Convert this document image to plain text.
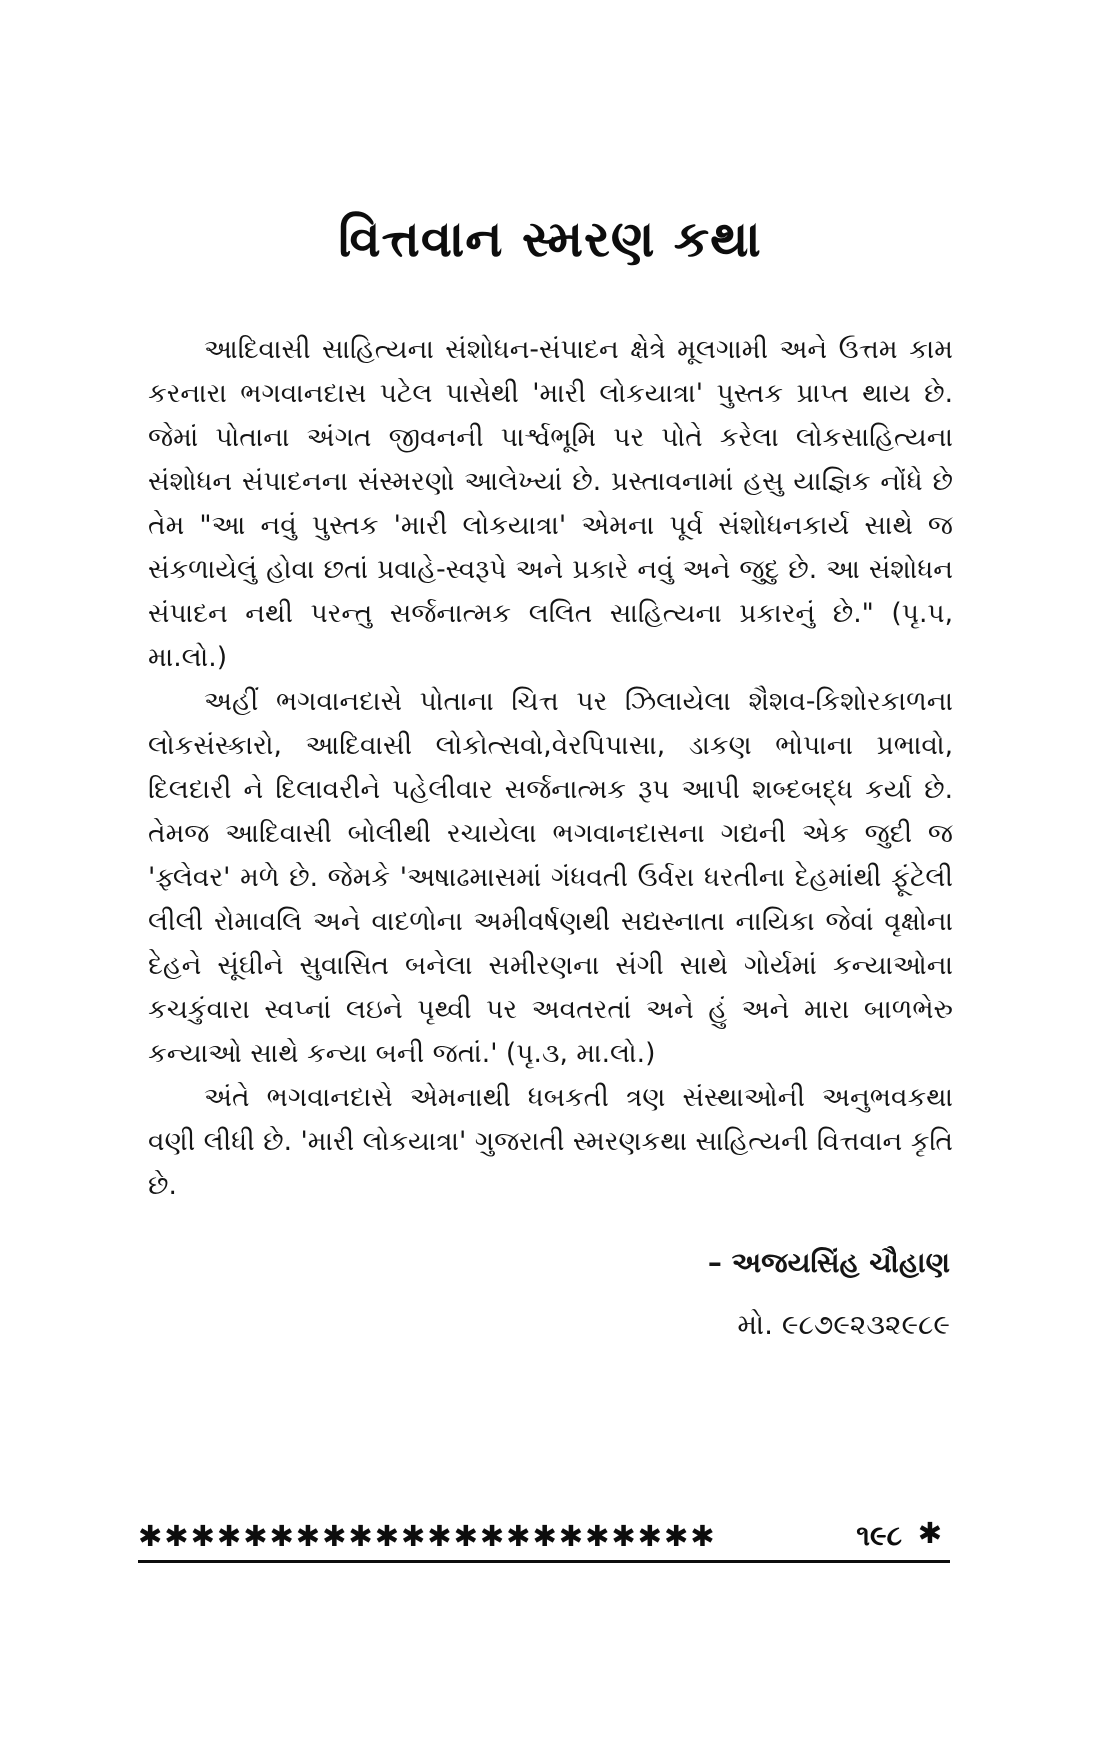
વિત્તવાન સ્મરણ કથા

આદિવાસી સાહિત્યના સંશોધન-સંપાદન ક્ષેત્રે મૂલગામી અને ઉત્તમ કામ કરનારા ભગવાનદાસ પટેલ પાસેથી 'મારી લોકયાત્રા' પુસ્તક પ્રાપ્ત થાય છે. જેમાં પોતાના અંગત જીવનની પાર્શ્વભૂમિ પર પોતે કરેલા લોકસાહિત્યના સંશોધન સંપાદનના સંસ્મરણો આલેખ્યાં છે. પ્રસ્તાવનામાં હસુ યાજ્ઞિક નોંધે છે તેમ "આ નવું પુસ્તક 'મારી લોકયાત્રા' એમના પૂર્વ સંશોધનકાર્ય સાથે જ સંકળાયેલું હોવા છતાં પ્રવાહે-સ્વરૂપે અને પ્રકારે નવું અને જુદુ છે. આ સંશોધન સંપાદન નથી પરન્તુ સર્જનાત્મક લલિત સાહિત્યના પ્રકારનું છે." (પૃ.પ, મા.લો.)

અહીં ભગવાનદાસે પોતાના ચિત્ત પર ઝિલાયેલા શૈશવ-કિશોરકાળના લોકસંસ્કારો, આદિવાસી લોકોત્સવો,વેરપિપાસા, ડાકણ ભોપાના પ્રભાવો, દિલદારી ને દિલાવરીને પહેલીવાર સર્જનાત્મક રૂપ આપી શબ્દબદ્ધ કર્યા છે. તેમજ આદિવાસી બોલીથી રચાયેલા ભગવાનદાસના ગદ્યની એક જુદી જ 'ફ્લેવર' મળે છે. જેમકે 'અષાઢમાસમાં ગંધવતી ઉર્વરા ધરતીના દેહમાંથી ફૂંટેલી લીલી રોમાવલિ અને વાદળોના અમીવર્ષણથી સદ્યસ્નાતા નાયિકા જેવાં વૃક્ષોના દેહને સૂંઘીને સુવાસિત બનેલા સમીરણના સંગી સાથે ગોર્યમાં કન્યાઓના કચકુંવારા સ્વપ્નાં લઇને પૃથ્વી પર અવતરતાં અને હું અને મારા બાળભેરુ કન્યાઓ સાથે કન્યા બની જતાં.' (પૃ.૩, મા.લો.)

અંતે ભગવાનદાસે એમનાથી ધબકતી ત્રણ સંસ્થાઓની અનુભવકથા વણી લીધી છે. 'મારી લોકયાત્રા' ગુજરાતી સ્મરણકથા સાહિત્યની વિત્તવાન કૃતિ છે.

– અજયસિંહ ચૌહાણ
મો. ૯૮૭૯૨૩૨૯૮૯
✱✱✱✱✱✱✱✱✱✱✱✱✱✱✱✱✱✱✱✱✱✱	૧૯૮ ✱
